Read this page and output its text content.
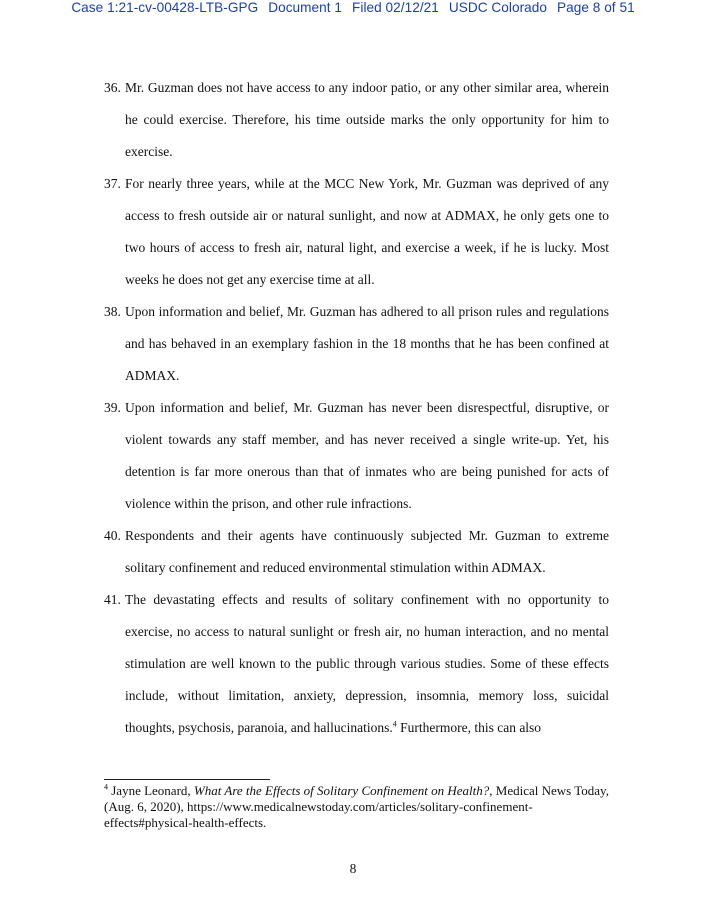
Case 1:21-cv-00428-LTB-GPG Document 1 Filed 02/12/21 USDC Colorado Page 8 of 51

36. Mr. Guzman does not have access to any indoor patio, or any other similar area, wherein he could exercise. Therefore, his time outside marks the only opportunity for him to exercise.

37. For nearly three years, while at the MCC New York, Mr. Guzman was deprived of any access to fresh outside air or natural sunlight, and now at ADMAX, he only gets one to two hours of access to fresh air, natural light, and exercise a week, if he is lucky. Most weeks he does not get any exercise time at all.

38. Upon information and belief, Mr. Guzman has adhered to all prison rules and regulations and has behaved in an exemplary fashion in the 18 months that he has been confined at ADMAX.

39. Upon information and belief, Mr. Guzman has never been disrespectful, disruptive, or violent towards any staff member, and has never received a single write-up. Yet, his detention is far more onerous than that of inmates who are being punished for acts of violence within the prison, and other rule infractions.

40. Respondents and their agents have continuously subjected Mr. Guzman to extreme solitary confinement and reduced environmental stimulation within ADMAX.

41. The devastating effects and results of solitary confinement with no opportunity to exercise, no access to natural sunlight or fresh air, no human interaction, and no mental stimulation are well known to the public through various studies. Some of these effects include, without limitation, anxiety, depression, insomnia, memory loss, suicidal thoughts, psychosis, paranoia, and hallucinations.$^4$ Furthermore, this can also

$^4$ Jayne Leonard, What Are the Effects of Solitary Confinement on Health?, Medical News Today, (Aug. 6, 2020), https://www.medicalnewstoday.com/articles/solitary-confinement-effects#physical-health-effects.

8
